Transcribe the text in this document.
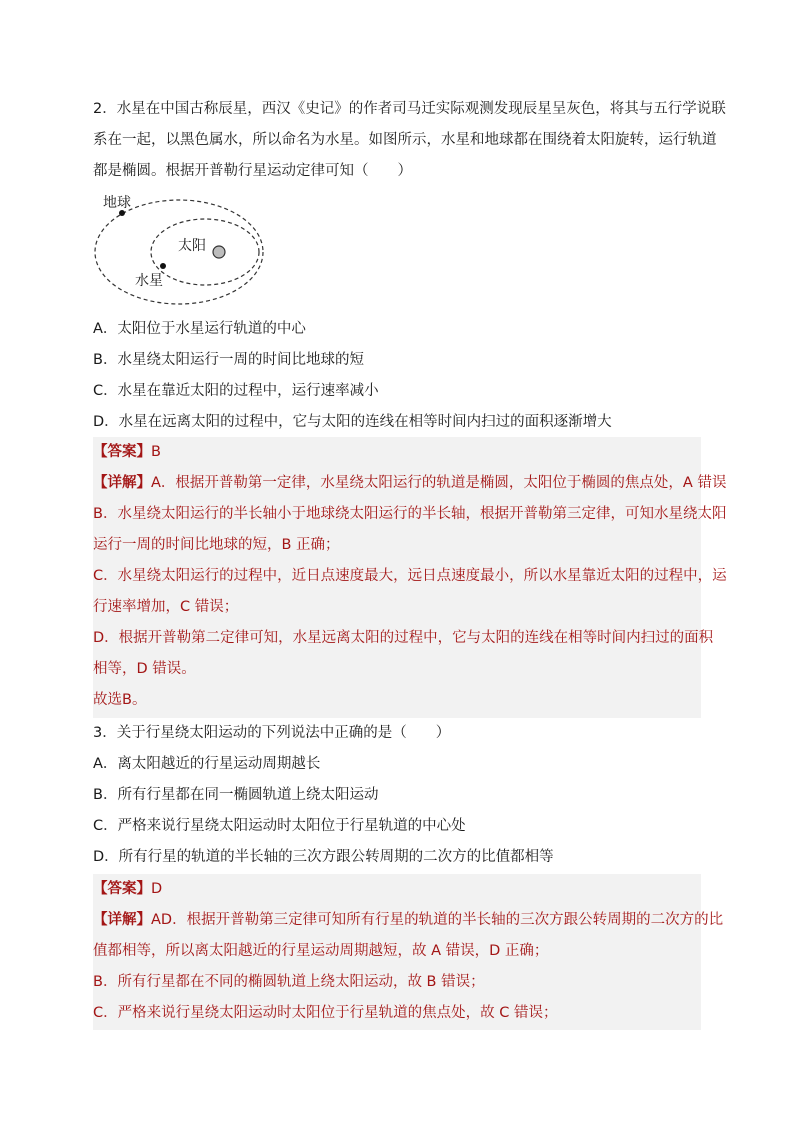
2．水星在中国古称辰星，西汉《史记》的作者司马迁实际观测发现辰星呈灰色，将其与五行学说联
系在一起，以黑色属水，所以命名为水星。如图所示，水星和地球都在围绕着太阳旋转，运行轨道
都是椭圆。根据开普勒行星运动定律可知（　　）
地球
太阳
水星
A．太阳位于水星运行轨道的中心
B．水星绕太阳运行一周的时间比地球的短
C．水星在靠近太阳的过程中，运行速率减小
D．水星在远离太阳的过程中，它与太阳的连线在相等时间内扫过的面积逐渐增大
【答案】B
【详解】A．根据开普勒第一定律，水星绕太阳运行的轨道是椭圆，太阳位于椭圆的焦点处，A 错误
B．水星绕太阳运行的半长轴小于地球绕太阳运行的半长轴，根据开普勒第三定律，可知水星绕太阳
运行一周的时间比地球的短，B 正确；
C．水星绕太阳运行的过程中，近日点速度最大，远日点速度最小，所以水星靠近太阳的过程中，运
行速率增加，C 错误；
D．根据开普勒第二定律可知，水星远离太阳的过程中，它与太阳的连线在相等时间内扫过的面积
相等，D 错误。
故选B。
3．关于行星绕太阳运动的下列说法中正确的是（　　）
A．离太阳越近的行星运动周期越长
B．所有行星都在同一椭圆轨道上绕太阳运动
C．严格来说行星绕太阳运动时太阳位于行星轨道的中心处
D．所有行星的轨道的半长轴的三次方跟公转周期的二次方的比值都相等
【答案】D
【详解】AD．根据开普勒第三定律可知所有行星的轨道的半长轴的三次方跟公转周期的二次方的比
值都相等，所以离太阳越近的行星运动周期越短，故 A 错误，D 正确；
B．所有行星都在不同的椭圆轨道上绕太阳运动，故 B 错误；
C．严格来说行星绕太阳运动时太阳位于行星轨道的焦点处，故 C 错误；
